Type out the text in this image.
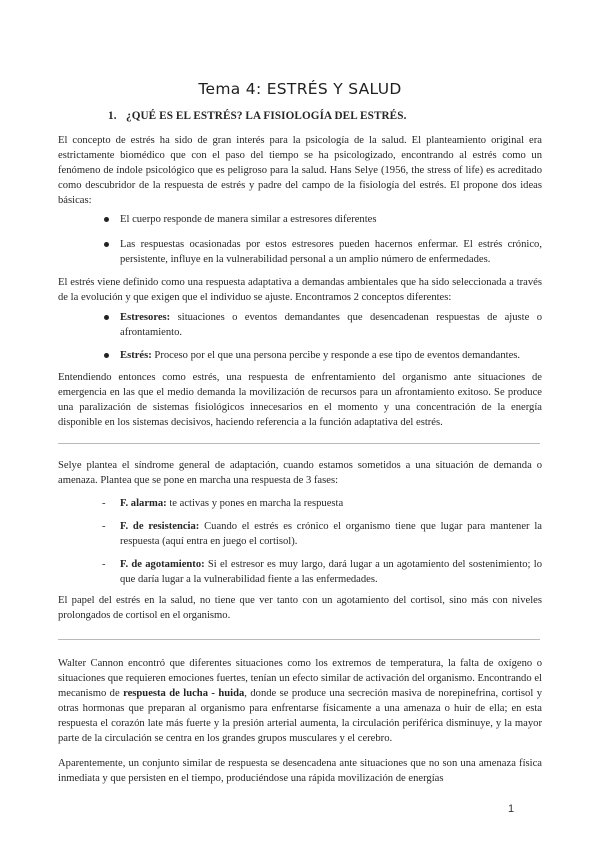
Tema 4: ESTRÉS Y SALUD
1. ¿QUÉ ES EL ESTRÉS? LA FISIOLOGÍA DEL ESTRÉS.

El concepto de estrés ha sido de gran interés para la psicología de la salud. El planteamiento original era estrictamente biomédico que con el paso del tiempo se ha psicologizado, encontrando al estrés como un fenómeno de índole psicológico que es peligroso para la salud. Hans Selye (1956, the stress of life) es acreditado como descubridor de la respuesta de estrés y padre del campo de la fisiología del estrés. El propone dos ideas básicas:

El cuerpo responde de manera similar a estresores diferentes
Las respuestas ocasionadas por estos estresores pueden hacernos enfermar. El estrés crónico, persistente, influye en la vulnerabilidad personal a un amplio número de enfermedades.

El estrés viene definido como una respuesta adaptativa a demandas ambientales que ha sido seleccionada a través de la evolución y que exigen que el individuo se ajuste. Encontramos 2 conceptos diferentes:

Estresores: situaciones o eventos demandantes que desencadenan respuestas de ajuste o afrontamiento.
Estrés: Proceso por el que una persona percibe y responde a ese tipo de eventos demandantes.

Entendiendo entonces como estrés, una respuesta de enfrentamiento del organismo ante situaciones de emergencia en las que el medio demanda la movilización de recursos para un afrontamiento exitoso. Se produce una paralización de sistemas fisiológicos innecesarios en el momento y una concentración de la energía disponible en los sistemas decisivos, haciendo referencia a la función adaptativa del estrés.

Selye plantea el síndrome general de adaptación, cuando estamos sometidos a una situación de demanda o amenaza. Plantea que se pone en marcha una respuesta de 3 fases:

- F. alarma: te activas y pones en marcha la respuesta
- F. de resistencia: Cuando el estrés es crónico el organismo tiene que lugar para mantener la respuesta (aquí entra en juego el cortisol).
- F. de agotamiento: Si el estresor es muy largo, dará lugar a un agotamiento del sostenimiento; lo que daría lugar a la vulnerabilidad fiente a las enfermedades.

El papel del estrés en la salud, no tiene que ver tanto con un agotamiento del cortisol, sino más con niveles prolongados de cortisol en el organismo.

Walter Cannon encontró que diferentes situaciones como los extremos de temperatura, la falta de oxígeno o situaciones que requieren emociones fuertes, tenían un efecto similar de activación del organismo. Encontrando el mecanismo de respuesta de lucha - huida, donde se produce una secreción masiva de norepinefrina, cortisol y otras hormonas que preparan al organismo para enfrentarse físicamente a una amenaza o huir de ella; en esta respuesta el corazón late más fuerte y la presión arterial aumenta, la circulación periférica disminuye, y la mayor parte de la circulación se centra en los grandes grupos musculares y el cerebro.

Aparentemente, un conjunto similar de respuesta se desencadena ante situaciones que no son una amenaza física inmediata y que persisten en el tiempo, produciéndose una rápida movilización de energías

1
